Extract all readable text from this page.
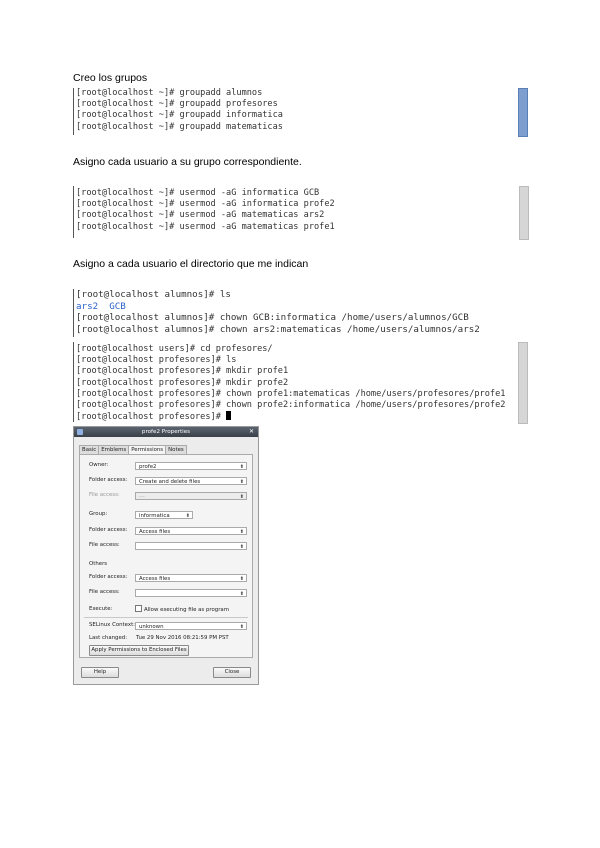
Creo los grupos
[root@localhost ~]# groupadd alumnos
[root@localhost ~]# groupadd profesores
[root@localhost ~]# groupadd informatica
[root@localhost ~]# groupadd matematicas
Asigno cada usuario a su grupo correspondiente.
[root@localhost ~]# usermod -aG informatica GCB
[root@localhost ~]# usermod -aG informatica profe2
[root@localhost ~]# usermod -aG matematicas ars2
[root@localhost ~]# usermod -aG matematicas profe1
Asigno a cada usuario el directorio que me indican
[root@localhost alumnos]# ls
ars2  GCB
[root@localhost alumnos]# chown GCB:informatica /home/users/alumnos/GCB
[root@localhost alumnos]# chown ars2:matematicas /home/users/alumnos/ars2
[root@localhost users]# cd profesores/
[root@localhost profesores]# ls
[root@localhost profesores]# mkdir profe1
[root@localhost profesores]# mkdir profe2
[root@localhost profesores]# chown profe1:matematicas /home/users/profesores/profe1
[root@localhost profesores]# chown profe2:informatica /home/users/profesores/profe2
[root@localhost profesores]#
profe2 Properties	✕
Basic Emblems Permissions Notes
Owner:	profe2	⬍
Folder access:	Create and delete files	⬍
File access:	---	⬍
Group:	informatica	⬍
Folder access:	Access files	⬍
File access:	⬍
Others
Folder access:	Access files	⬍
File access:	⬍
Execute:	Allow executing file as program
SELinux Context: unknown	⬍
Last changed: Tue 29 Nov 2016 08:21:59 PM PST
Apply Permissions to Enclosed Files
Help	Close
